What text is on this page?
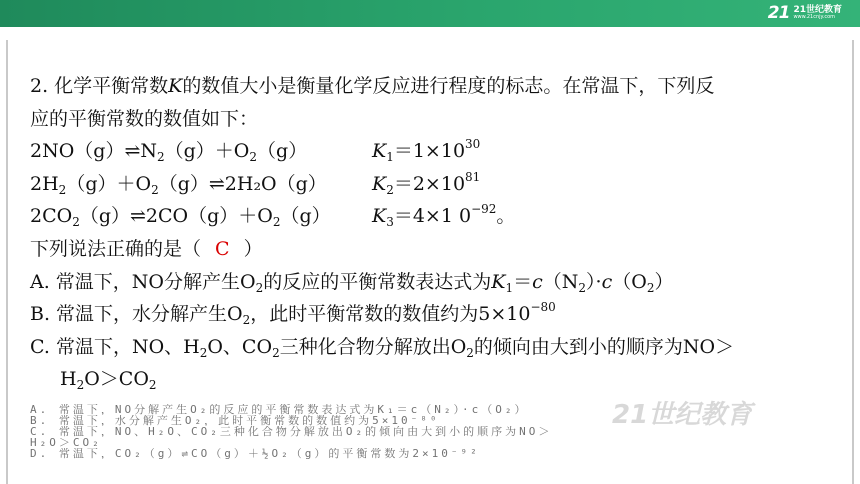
21 21世纪教育
www.21cnjy.com
2. 化学平衡常数K的数值大小是衡量化学反应进行程度的标志。在常温下，下列反
应的平衡常数的数值如下：
$2NO(g)\rightleftharpoons N_2(g)+O_2(g)$	$K_1=1\times 10^{30}$
$2H_2(g)+O_2(g)\rightleftharpoons 2H_2O(g)$ $K_2=2\times 10^{81}$
$2CO_2(g)\rightleftharpoons 2CO(g)+O_2(g)$ $K_3=4\times 1$ $0^{-92}$。
下列说法正确的是（ C ）
A. 常温下，NO分解产生$O_2$的反应的平衡常数表达式为$K_1=c(N_2)\cdot c(O_2)$
B. 常温下，水分解产生$O_2$，此时平衡常数的数值约为$5\times 10^{-80}$
C. 常温下，NO、$H_2O$、$CO_2$三种化合物分解放出$O_2$的倾向由大到小的顺序为NO＞
$H_2O>CO_2$
21世纪教育
A. 常温下，NO分解产生O₂的反应的平衡常数表达式为K₁＝c（N₂）·c（O₂）
B. 常温下，水分解产生O₂，此时平衡常数的数值约为5×10⁻⁸⁰
C. 常温下，NO、H₂O、CO₂三种化合物分解放出O₂的倾向由大到小的顺序为NO＞
H₂O＞CO₂
D. 常温下，CO₂（g）⇌CO（g）＋½O₂（g）的平衡常数为2×10⁻⁹²
